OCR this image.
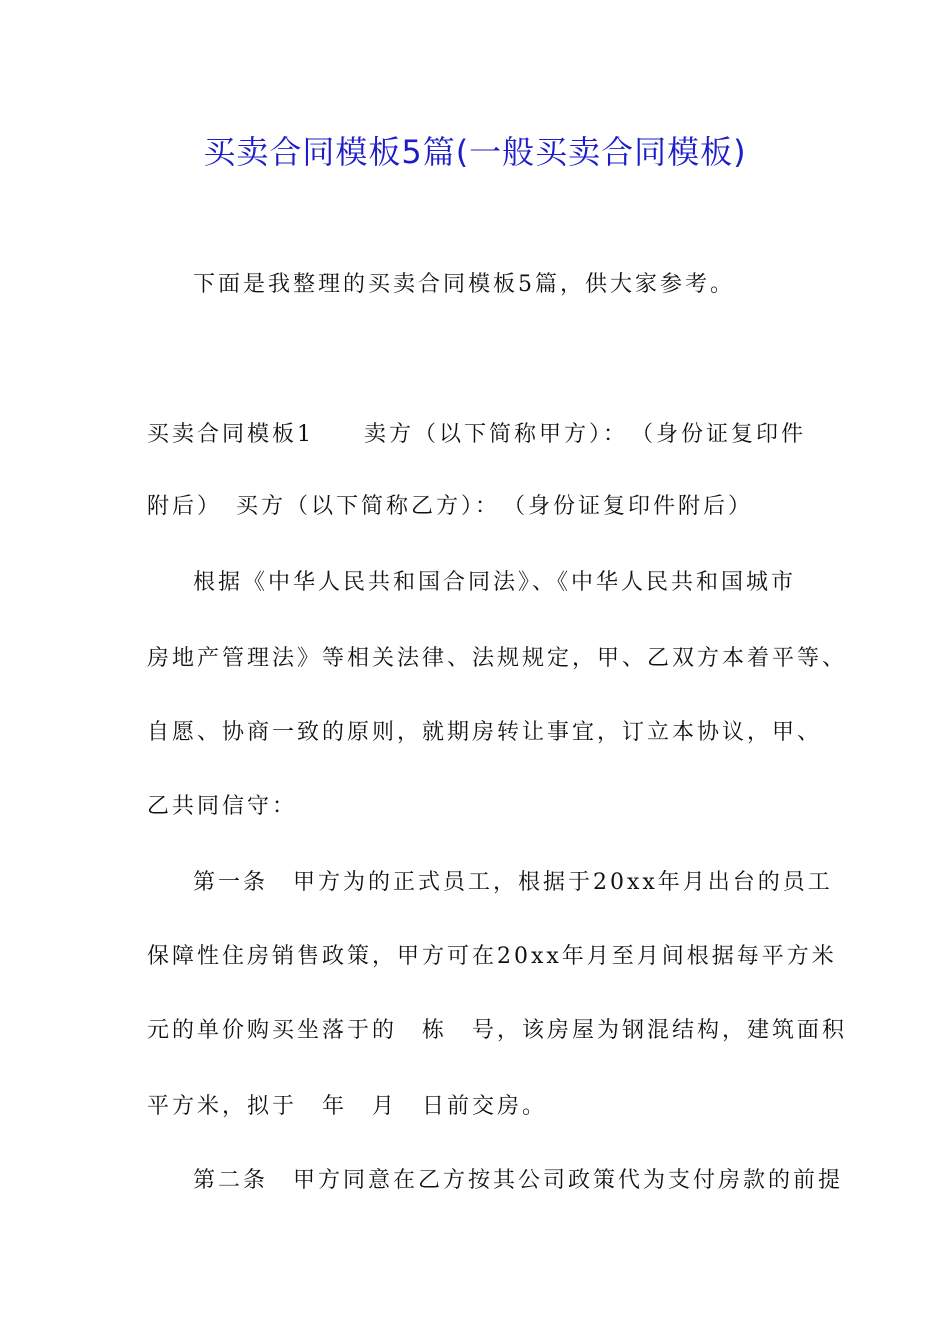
买卖合同模板5篇(一般买卖合同模板)

下面是我整理的买卖合同模板5篇，供大家参考。

买卖合同模板1　　卖方（以下简称甲方）：　（身份证复印件

附后）　买方（以下简称乙方）：　（身份证复印件附后）

根据《中华人民共和国合同法》、《中华人民共和国城市

房地产管理法》等相关法律、法规规定，甲、乙双方本着平等、

自愿、协商一致的原则，就期房转让事宜，订立本协议，甲、

乙共同信守：

第一条　甲方为的正式员工，根据于20xx年月出台的员工

保障性住房销售政策，甲方可在20xx年月至月间根据每平方米

元的单价购买坐落于的　栋　号，该房屋为钢混结构，建筑面积

平方米，拟于　年　月　日前交房。

第二条　甲方同意在乙方按其公司政策代为支付房款的前提
